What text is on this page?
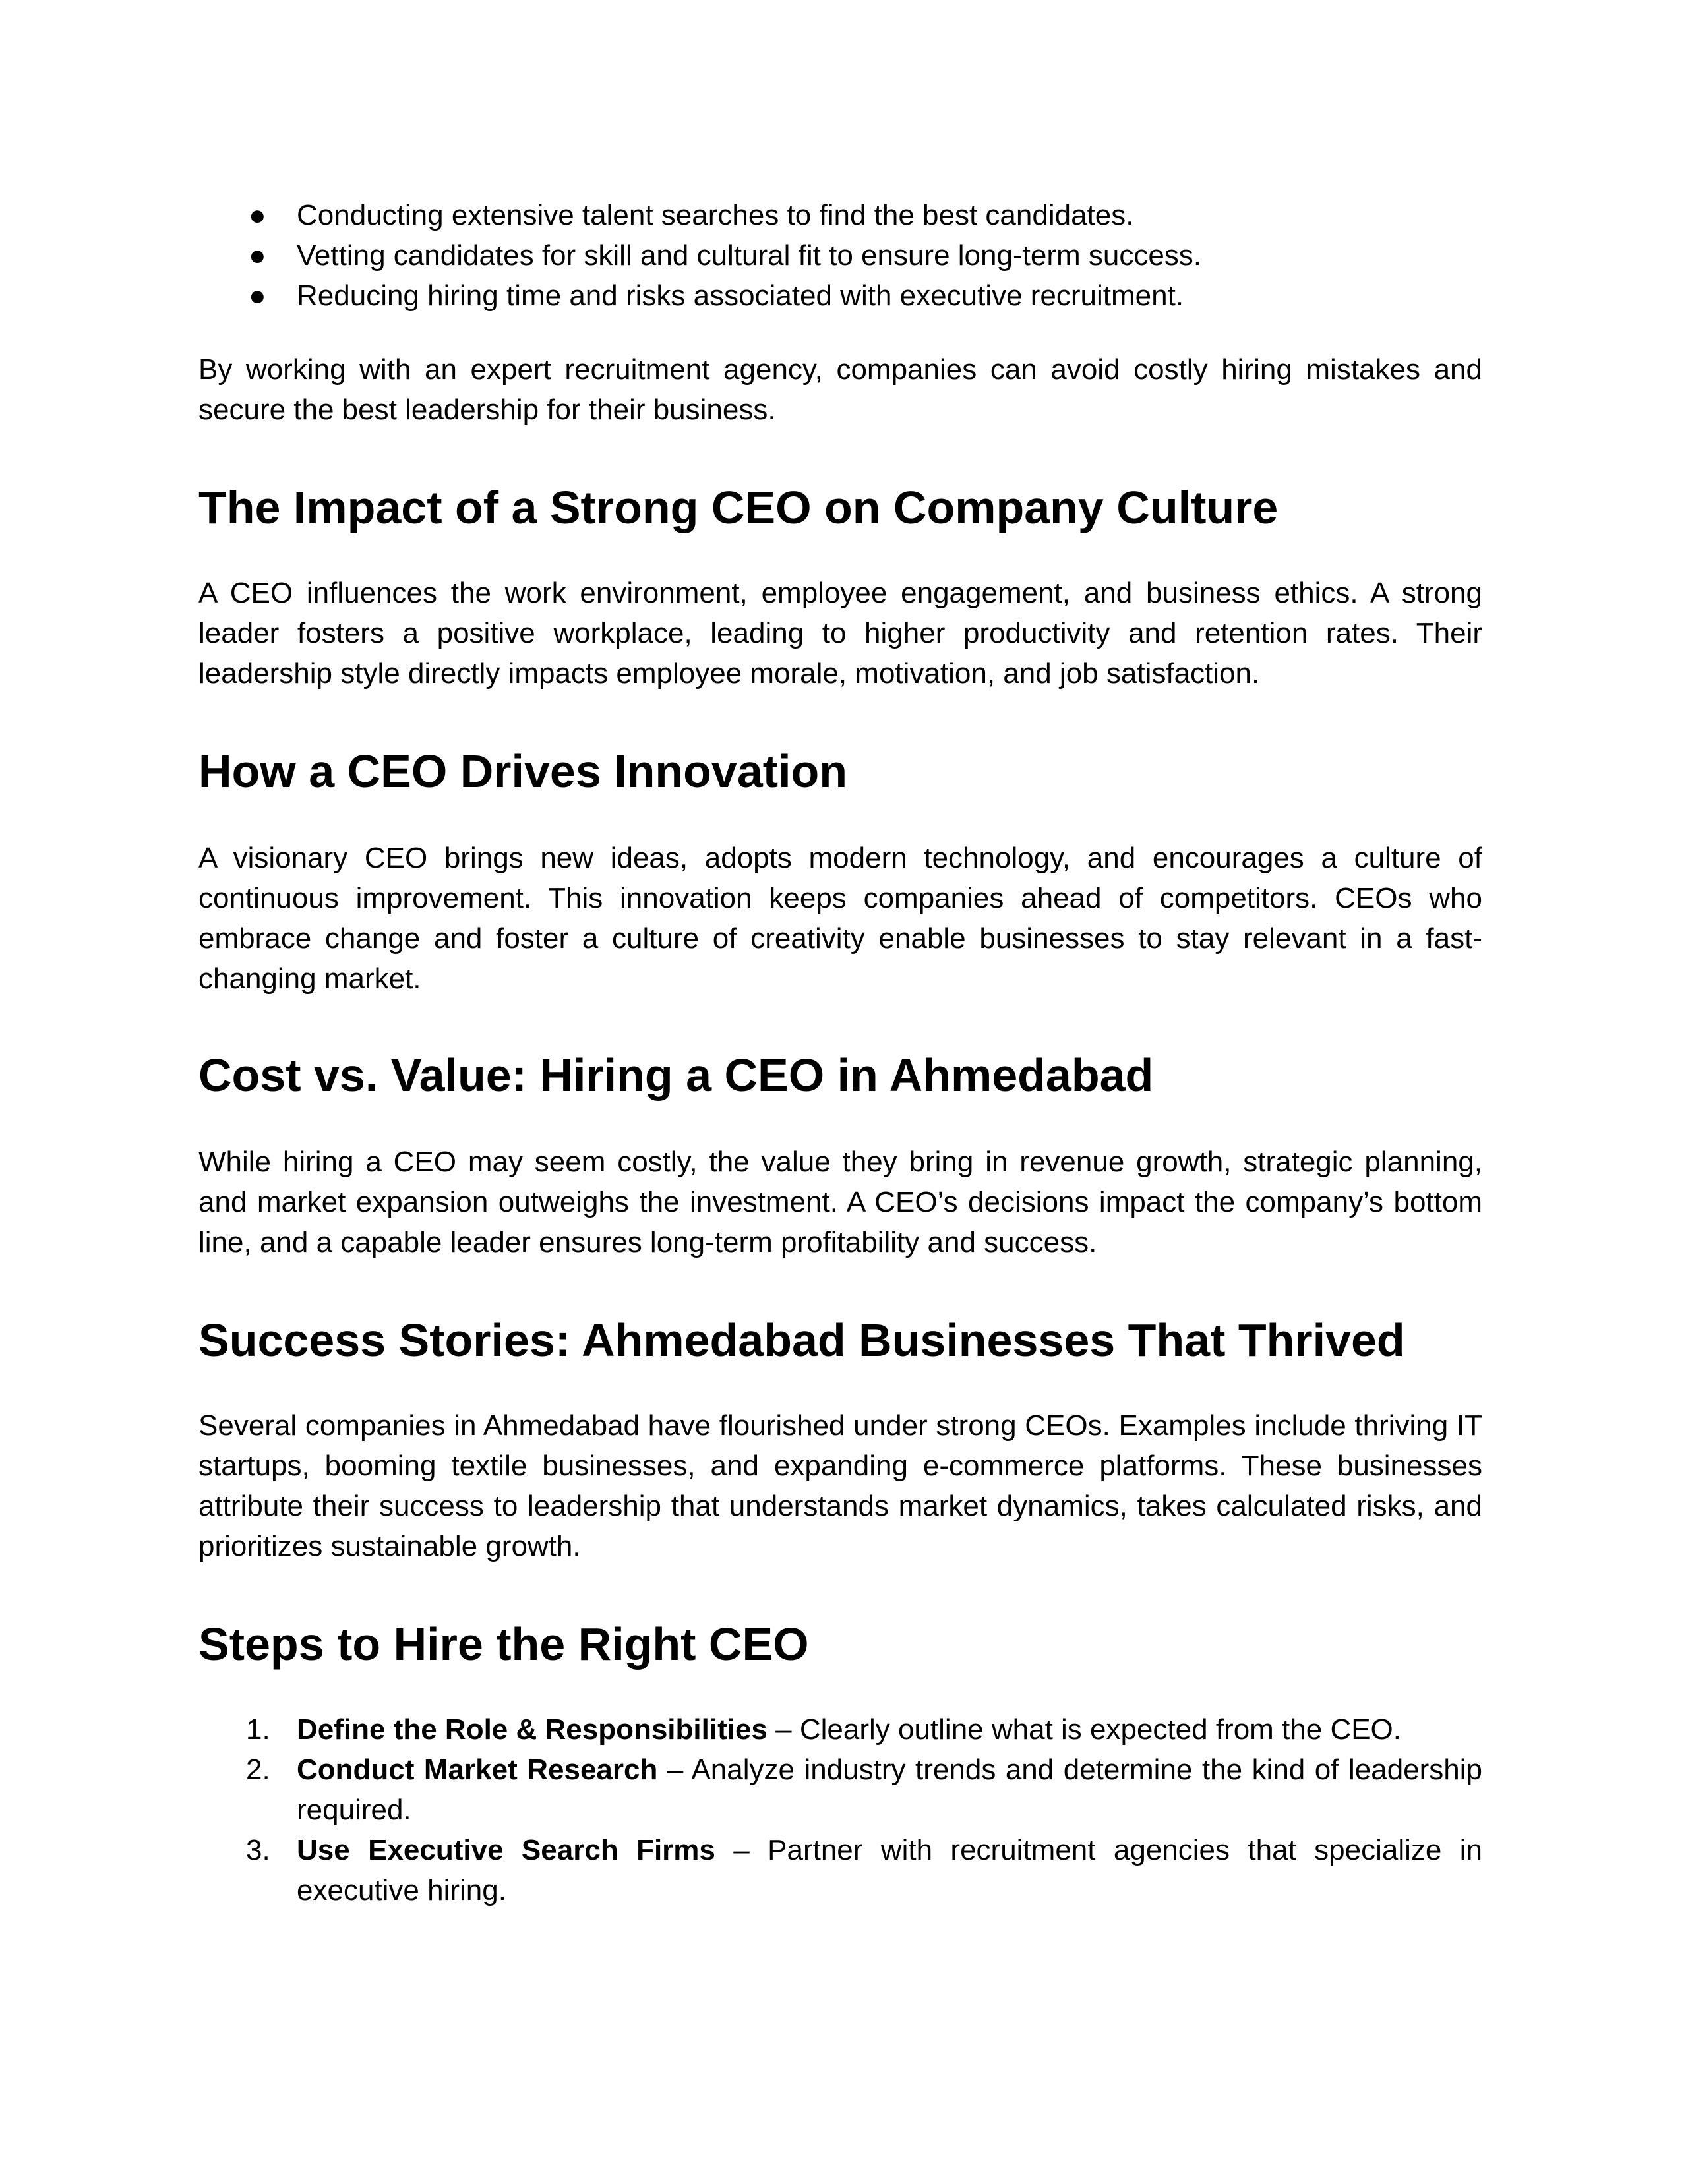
● Conducting extensive talent searches to find the best candidates.
● Vetting candidates for skill and cultural fit to ensure long-term success.
● Reducing hiring time and risks associated with executive recruitment.

By working with an expert recruitment agency, companies can avoid costly hiring mistakes and secure the best leadership for their business.

The Impact of a Strong CEO on Company Culture

A CEO influences the work environment, employee engagement, and business ethics. A strong leader fosters a positive workplace, leading to higher productivity and retention rates. Their leadership style directly impacts employee morale, motivation, and job satisfaction.

How a CEO Drives Innovation

A visionary CEO brings new ideas, adopts modern technology, and encourages a culture of continuous improvement. This innovation keeps companies ahead of competitors. CEOs who embrace change and foster a culture of creativity enable businesses to stay relevant in a fast-changing market.

Cost vs. Value: Hiring a CEO in Ahmedabad

While hiring a CEO may seem costly, the value they bring in revenue growth, strategic planning, and market expansion outweighs the investment. A CEO’s decisions impact the company’s bottom line, and a capable leader ensures long-term profitability and success.

Success Stories: Ahmedabad Businesses That Thrived

Several companies in Ahmedabad have flourished under strong CEOs. Examples include thriving IT startups, booming textile businesses, and expanding e-commerce platforms. These businesses attribute their success to leadership that understands market dynamics, takes calculated risks, and prioritizes sustainable growth.

Steps to Hire the Right CEO
1. Define the Role & Responsibilities – Clearly outline what is expected from the CEO.
2. Conduct Market Research – Analyze industry trends and determine the kind of leadership required.
3. Use Executive Search Firms – Partner with recruitment agencies that specialize in executive hiring.
